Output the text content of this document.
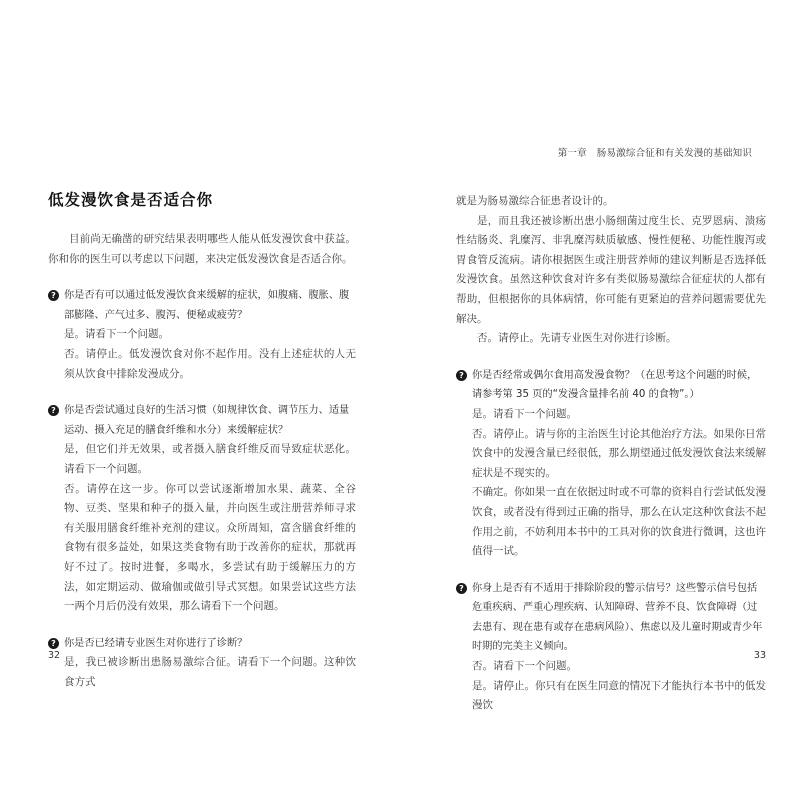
第一章 肠易激综合征和有关发漫的基础知识
低发漫饮食是否适合你

目前尚无确凿的研究结果表明哪些人能从低发漫饮食中获益。你和你的医生可以考虑以下问题，来决定低发漫饮食是否适合你。

? 你是否有可以通过低发漫饮食来缓解的症状，如腹痛、腹胀、腹部膨隆、产气过多、腹泻、便秘或疲劳？

是。请看下一个问题。

否。请停止。低发漫饮食对你不起作用。没有上述症状的人无须从饮食中排除发漫成分。

? 你是否尝试通过良好的生活习惯（如规律饮食、调节压力、适量运动、摄入充足的膳食纤维和水分）来缓解症状？

是，但它们并无效果，或者摄入膳食纤维反而导致症状恶化。请看下一个问题。

否。请停在这一步。你可以尝试逐渐增加水果、蔬菜、全谷物、豆类、坚果和种子的摄入量，并向医生或注册营养师寻求有关服用膳食纤维补充剂的建议。众所周知，富含膳食纤维的食物有很多益处，如果这类食物有助于改善你的症状，那就再好不过了。按时进餐，多喝水，多尝试有助于缓解压力的方法，如定期运动、做瑜伽或做引导式冥想。如果尝试这些方法一两个月后仍没有效果，那么请看下一个问题。

? 你是否已经请专业医生对你进行了诊断？

是，我已被诊断出患肠易激综合征。请看下一个问题。这种饮食方式

32

就是为肠易激综合征患者设计的。

是，而且我还被诊断出患小肠细菌过度生长、克罗恩病、溃疡性结肠炎、乳糜泻、非乳糜泻麸质敏感、慢性便秘、功能性腹泻或胃食管反流病。请你根据医生或注册营养师的建议判断是否选择低发漫饮食。虽然这种饮食对许多有类似肠易激综合征症状的人都有帮助，但根据你的具体病情，你可能有更紧迫的营养问题需要优先解决。

否。请停止。先请专业医生对你进行诊断。

? 你是否经常或偶尔食用高发漫食物？（在思考这个问题的时候，请参考第 35 页的“发漫含量排名前 40 的食物”。）

是。请看下一个问题。

否。请停止。请与你的主治医生讨论其他治疗方法。如果你日常饮食中的发漫含量已经很低，那么期望通过低发漫饮食法来缓解症状是不现实的。

不确定。你如果一直在依据过时或不可靠的资料自行尝试低发漫饮食，或者没有得到过正确的指导，那么在认定这种饮食法不起作用之前，不妨利用本书中的工具对你的饮食进行微调，这也许值得一试。

? 你身上是否有不适用于排除阶段的警示信号？这些警示信号包括危重疾病、严重心理疾病、认知障碍、营养不良、饮食障碍（过去患有、现在患有或存在患病风险）、焦虑以及儿童时期或青少年时期的完美主义倾向。

否。请看下一个问题。

是。请停止。你只有在医生同意的情况下才能执行本书中的低发漫饮

33
